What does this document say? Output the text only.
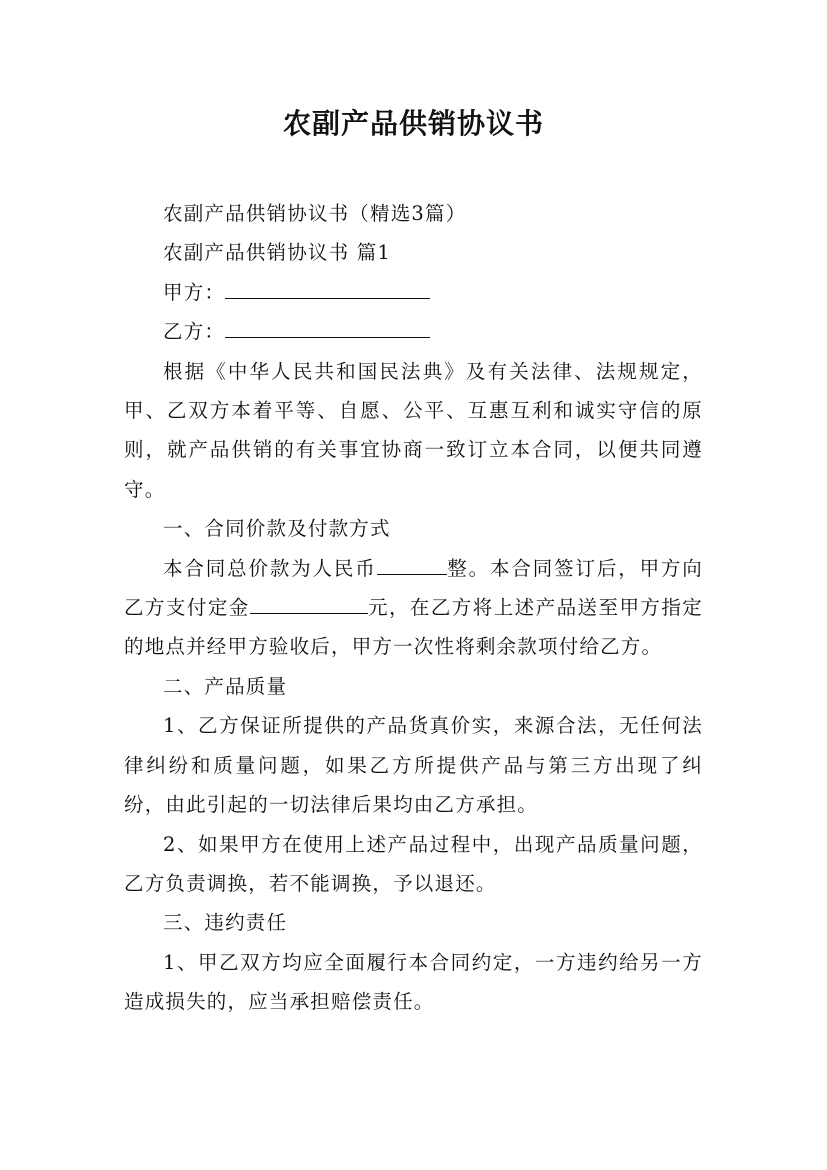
农副产品供销协议书

农副产品供销协议书（精选3篇）

农副产品供销协议书 篇1

甲方：

乙方：

根据《中华人民共和国民法典》及有关法律、法规规定，甲、乙双方本着平等、自愿、公平、互惠互利和诚实守信的原则，就产品供销的有关事宜协商一致订立本合同，以便共同遵守。

一、合同价款及付款方式

本合同总价款为人民币	整。本合同签订后，甲方向乙方支付定金	元，在乙方将上述产品送至甲方指定的地点并经甲方验收后，甲方一次性将剩余款项付给乙方。

二、产品质量

1、乙方保证所提供的产品货真价实，来源合法，无任何法律纠纷和质量问题，如果乙方所提供产品与第三方出现了纠纷，由此引起的一切法律后果均由乙方承担。

2、如果甲方在使用上述产品过程中，出现产品质量问题，乙方负责调换，若不能调换，予以退还。

三、违约责任

1、甲乙双方均应全面履行本合同约定，一方违约给另一方造成损失的，应当承担赔偿责任。
